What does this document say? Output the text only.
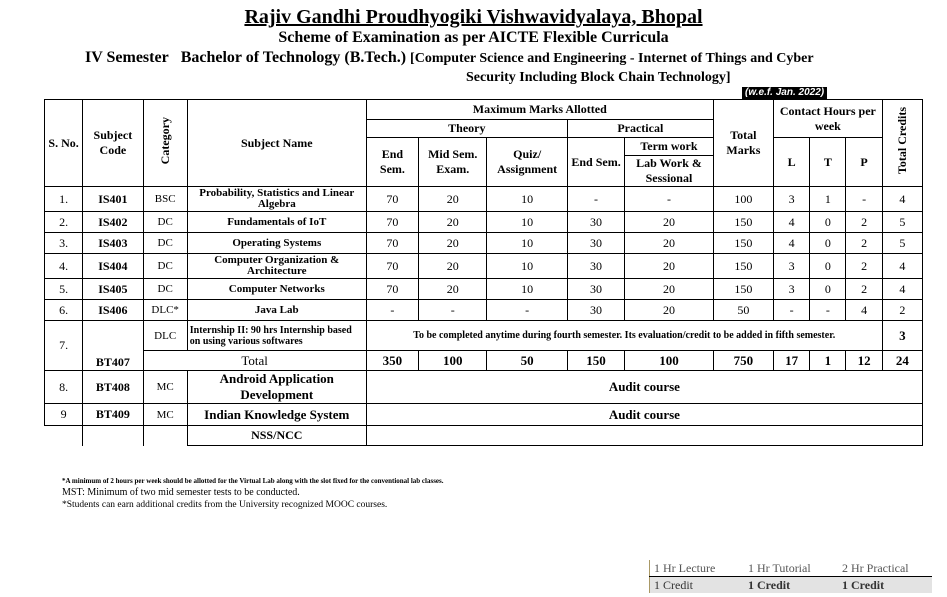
Rajiv Gandhi Proudhyogiki Vishwavidyalaya, Bhopal
Scheme of Examination as per AICTE Flexible Curricula
IV Semester Bachelor of Technology (B.Tech.) [Computer Science and Engineering - Internet of Things and Cyber
Security Including Block Chain Technology]
(w.e.f. Jan. 2022)
S. No.	Subject Code	Category	Subject Name	Maximum Marks Allotted					Total Marks	Contact Hours per week			Total Credits
				Theory			Practical						
				End Sem.	Mid Sem. Exam.	Quiz/ Assignment	End Sem.	Term work		L	T	P	
								Lab Work & Sessional					
1.	IS401	BSC	Probability, Statistics and Linear Algebra	70	20	10	-	-	100	3	1	-	4
2.	IS402	DC	Fundamentals of IoT	70	20	10	30	20	150	4	0	2	5
3.	IS403	DC	Operating Systems	70	20	10	30	20	150	4	0	2	5
4.	IS404	DC	Computer Organization & Architecture	70	20	10	30	20	150	3	0	2	4
5.	IS405	DC	Computer Networks	70	20	10	30	20	150	3	0	2	4
6.	IS406	DLC*	Java Lab	-	-	-	30	20	50	-	-	4	2
7.	BT407	DLC	Internship II: 90 hrs Internship based on using various softwares	To be completed anytime during fourth semester. Its evaluation/credit to be added in fifth semester.									3
		Total		350	100	50	150	100	750	17	1	12	24
8.	BT408	MC	Android Application Development	Audit course									
9	BT409	MC	Indian Knowledge System	Audit course									
			NSS/NCC										
*A minimum of 2 hours per week should be allotted for the Virtual Lab along with the slot fixed for the conventional lab classes.
MST: Minimum of two mid semester tests to be conducted.
*Students can earn additional credits from the University recognized MOOC courses.
1 Hr Lecture	1 Hr Tutorial	2 Hr Practical
1 Credit	1 Credit	1 Credit
